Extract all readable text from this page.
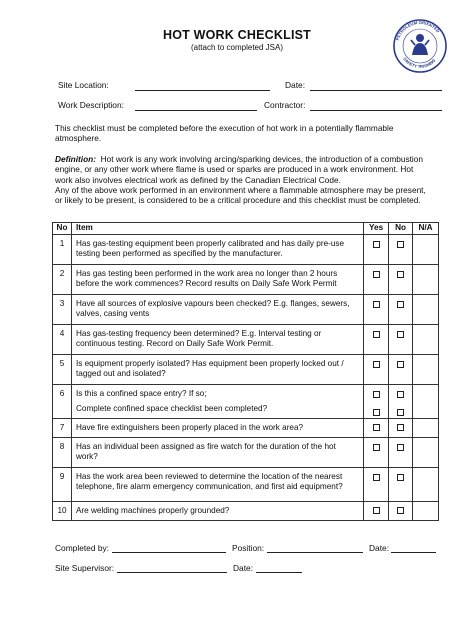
HOT WORK CHECKLIST
(attach to completed JSA)
PETROLEUM ORIENTED
SAFETY TRAINING
Site Location:	Date:
Work Description:	Contractor:
This checklist must be completed before the execution of hot work in a potentially flammable atmosphere.
Definition: Hot work is any work involving arcing/sparking devices, the introduction of a combustion engine, or any other work where flame is used or sparks are produced in a work environment. Hot work also involves electrical work as defined by the Canadian Electrical Code.
Any of the above work performed in an environment where a flammable atmosphere may be present, or likely to be present, is considered to be a critical procedure and this checklist must be completed.
No	Item	Yes	No	N/A
1	Has gas-testing equipment been properly calibrated and has daily pre-use testing been performed as specified by the manufacturer.			

2	Has gas testing been performed in the work area no longer than 2 hours before the work commences? Record results on Daily Safe Work Permit			

3	Have all sources of explosive vapours been checked? E.g. flanges, sewers, valves, casing vents			

4	Has gas-testing frequency been determined? E.g. Interval testing or continuous testing. Record on Daily Safe Work Permit.			

5	Is equipment properly isolated? Has equipment been properly locked out / tagged out and isolated?			

6	Is this a confined space entry? If so;

Complete confined space checklist been completed?			

7	Have fire extinguishers been properly placed in the work area?			

8	Has an individual been assigned as fire watch for the duration of the hot work?			

9	Has the work area been reviewed to determine the location of the nearest telephone, fire alarm emergency communication, and first aid equipment?			

10	Are welding machines properly grounded?			

Completed by:	Position:	Date:
Site Supervisor:	Date:
